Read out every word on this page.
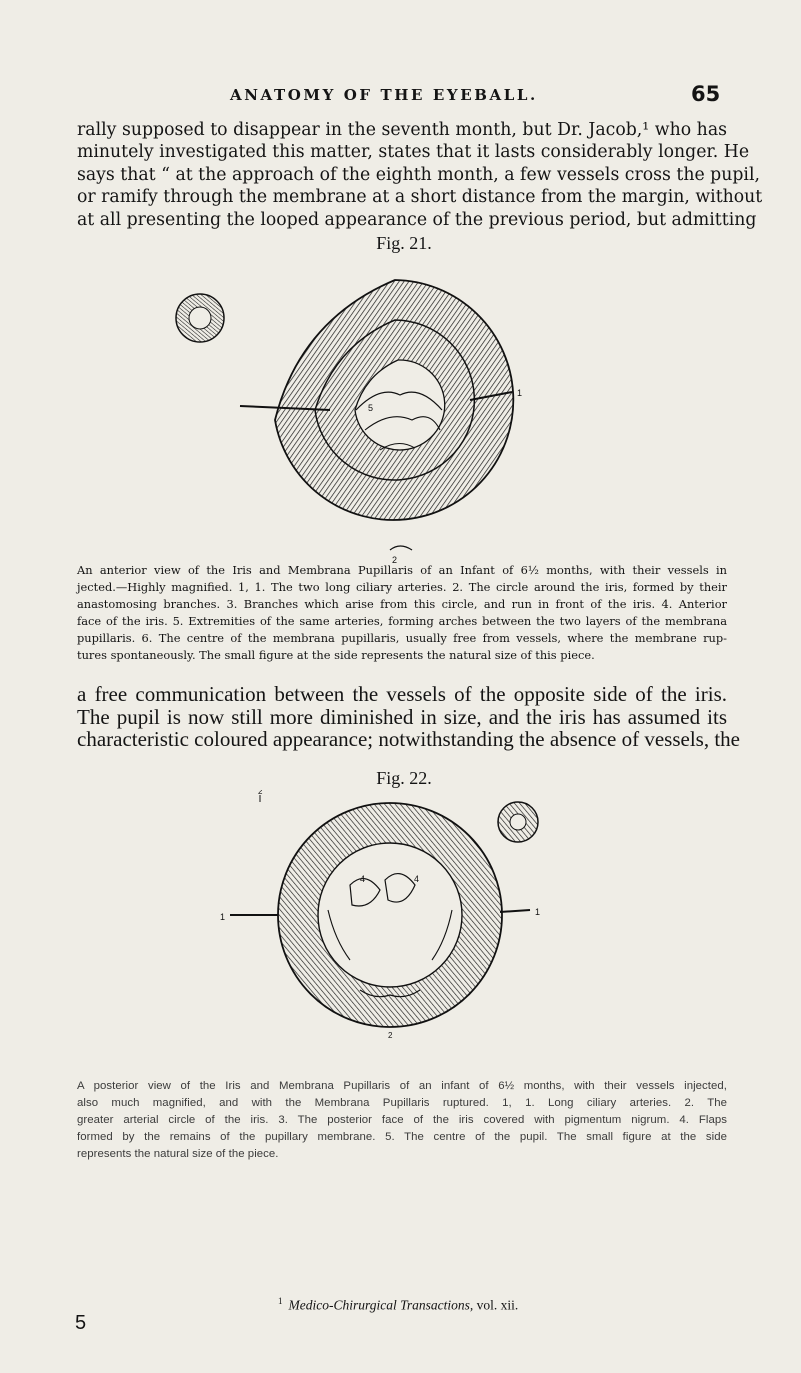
ANATOMY OF THE EYEBALL.	65
rally supposed to disappear in the seventh month, but Dr. Jacob,¹ who has
minutely investigated this matter, states that it lasts considerably longer. He
says that “ at the approach of the eighth month, a few vessels cross the pupil,
or ramify through the membrane at a short distance from the margin, without
at all presenting the looped appearance of the previous period, but admitting
Fig. 21.
1
5
2
An anterior view of the Iris and Membrana Pupillaris of an Infant of 6½ months, with their vessels in
jected.—Highly magnified. 1, 1. The two long ciliary arteries. 2. The circle around the iris, formed by their
anastomosing branches. 3. Branches which arise from this circle, and run in front of the iris. 4. Anterior
face of the iris. 5. Extremities of the same arteries, forming arches between the two layers of the membrana
pupillaris. 6. The centre of the membrana pupillaris, usually free from vessels, where the membrane rup-
tures spontaneously. The small figure at the side represents the natural size of this piece.
a free communication between the vessels of the opposite side of the iris.
The pupil is now still more diminished in size, and the iris has assumed its
characteristic coloured appearance; notwithstanding the absence of vessels, the
Fig. 22.
2
4	4
1	1
2
A posterior view of the Iris and Membrana Pupillaris of an infant of 6½ months, with their vessels injected,
also much magnified, and with the Membrana Pupillaris ruptured. 1, 1. Long ciliary arteries. 2. The
greater arterial circle of the iris. 3. The posterior face of the iris covered with pigmentum nigrum. 4. Flaps
formed by the remains of the pupillary membrane. 5. The centre of the pupil. The small figure at the side
represents the natural size of the piece.
$^1$ Medico-Chirurgical Transactions, vol. xii.
5
